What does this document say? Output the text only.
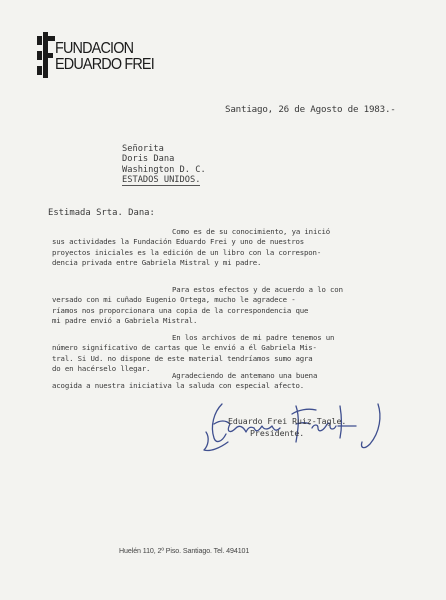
FUNDACION
EDUARDO FREI
Santiago, 26 de Agosto de 1983.-
Señorita
Doris Dana
Washington D. C.
ESTADOS UNIDOS.
Estimada Srta. Dana:
Como es de su conocimiento, ya inició
sus actividades la Fundación Eduardo Frei y uno de nuestros
proyectos iniciales es la edición de un libro con la correspon-
dencia privada entre Gabriela Mistral y mi padre.
Para estos efectos y de acuerdo a lo con
versado con mi cuñado Eugenio Ortega, mucho le agradece -
ríamos nos proporcionara una copia de la correspondencia que
mi padre envió a Gabriela Mistral.
En los archivos de mi padre tenemos un
número significativo de cartas que le envió a él Gabriela Mis-
tral. Si Ud. no dispone de este material tendríamos sumo agra
do en hacérselo llegar.
Agradeciendo de antemano una buena
acogida a nuestra iniciativa la saluda con especial afecto.
Eduardo Frei Ruiz-Tagle.
Presidente.
Huelén 110, 2º Piso. Santiago. Tel. 494101
